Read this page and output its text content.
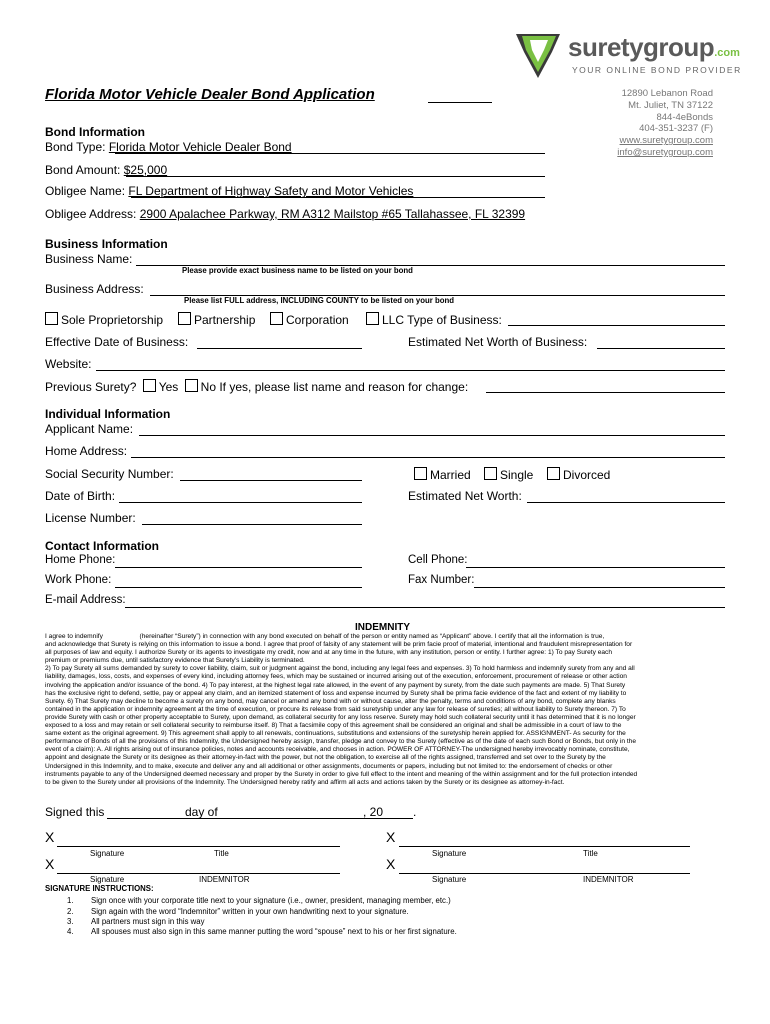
suretygroup.com
YOUR ONLINE BOND PROVIDER
12890 Lebanon Road
Mt. Juliet, TN 37122
844-4eBonds
404-351-3237 (F)
www.suretygroup.com
info@suretygroup.com
Florida Motor Vehicle Dealer Bond Application
Bond Information
Bond Type: Florida Motor Vehicle Dealer Bond
Bond Amount: $25,000
Obligee Name: FL Department of Highway Safety and Motor Vehicles
Obligee Address: 2900 Apalachee Parkway, RM A312 Mailstop #65 Tallahassee, FL 32399
Business Information
Business Name:
Please provide exact business name to be listed on your bond
Business Address:
Please list FULL address, INCLUDING COUNTY to be listed on your bond
Sole Proprietorship	Partnership	Corporation	LLC Type of Business:
Effective Date of Business:	Estimated Net Worth of Business:
Website:
Previous Surety? Yes No If yes, please list name and reason for change:
Individual Information
Applicant Name:
Home Address:
Social Security Number:	Married	Single	Divorced
Date of Birth:	Estimated Net Worth:
License Number:
Contact Information
Home Phone:	Cell Phone:
Work Phone:	Fax Number:
E-mail Address:
INDEMNITY
I agree to indemnify                    (hereinafter “Surety”) in connection with any bond executed on behalf of the person or entity named as “Applicant” above. I certify that all the information is true,
and acknowledge that Surety is relying on this information to issue a bond. I agree that proof of falsity of any statement will be prim facie proof of material, intentional and fraudulent misrepresentation for
all purposes of law and equity. I authorize Surety or its agents to investigate my credit, now and at any time in the future, with any institution, person or entity. I further agree: 1) To pay Surety each
premium or premiums due, until satisfactory evidence that Surety’s Liability is terminated.
2) To pay Surety all sums demanded by surety to cover liability, claim, suit or judgment against the bond, including any legal fees and expenses. 3) To hold harmless and indemnify surety from any and all
liability, damages, loss, costs, and expenses of every kind, including attorney fees, which may be sustained or incurred arising out of the execution, enforcement, procurement of release or other action
involving the application and/or issuance of the bond. 4) To pay interest, at the highest legal rate allowed, in the event of any payment by surety, from the date such payments are made. 5) That Surety
has the exclusive right to defend, settle, pay or appeal any claim, and an itemized statement of loss and expense incurred by Surety shall be prima facie evidence of the fact and extent of my liability to
Surety. 6) That Surety may decline to become a surety on any bond, may cancel or amend any bond with or without cause, alter the penalty, terms and conditions of any bond, complete any blanks
contained in the application or indemnity agreement at the time of execution, or procure its release from said suretyship under any law for release of sureties; all without liability to Surety thereon. 7) To
provide Surety with cash or other property acceptable to Surety, upon demand, as collateral security for any loss reserve. Surety may hold such collateral security until it has determined that it is no longer
exposed to a loss and may retain or sell collateral security to reimburse itself. 8) That a facsimile copy of this agreement shall be considered an original and shall be admissible in a court of law to the
same extent as the original agreement. 9) This agreement shall apply to all renewals, continuations, substitutions and extensions of the suretyship herein applied for. ASSIGNMENT- As security for the
performance of Bonds of all the provisions of this Indemnity, the Undersigned hereby assign, transfer, pledge and convey to the Surety (effective as of the date of each such Bond or Bonds, but only in the
event of a claim): A. All rights arising out of insurance policies, notes and accounts receivable, and chooses in action. POWER OF ATTORNEY-The undersigned hereby irrevocably nominate, constitute,
appoint and designate the Surety or its designee as their attorney-in-fact with the power, but not the obligation, to exercise all of the rights assigned, transferred and set over to the Surety by the
Undersigned in this Indemnity, and to make, execute and deliver any and all additional or other assignments, documents or papers, including but not limited to: the endorsement of checks or other
instruments payable to any of the Undersigned deemed necessary and proper by the Surety in order to give full effect to the intent and meaning of the within assignment and for the full protection intended
to be given to the Surety under all provisions of the Indemnity. The Undersigned hereby ratify and affirm all acts and actions taken by the Surety or its designee as attorney-in-fact.
Signed this	day of	, 20 .
X	X
Signature	Title	Signature	Title
X	X
Signature	INDEMNITOR	Signature	INDEMNITOR
SIGNATURE INSTRUCTIONS:
1. Sign once with your corporate title next to your signature (i.e., owner, president, managing member, etc.)
2. Sign again with the word “Indemnitor” written in your own handwriting next to your signature.
3. All partners must sign in this way
4. All spouses must also sign in this same manner putting the word “spouse” next to his or her first signature.
